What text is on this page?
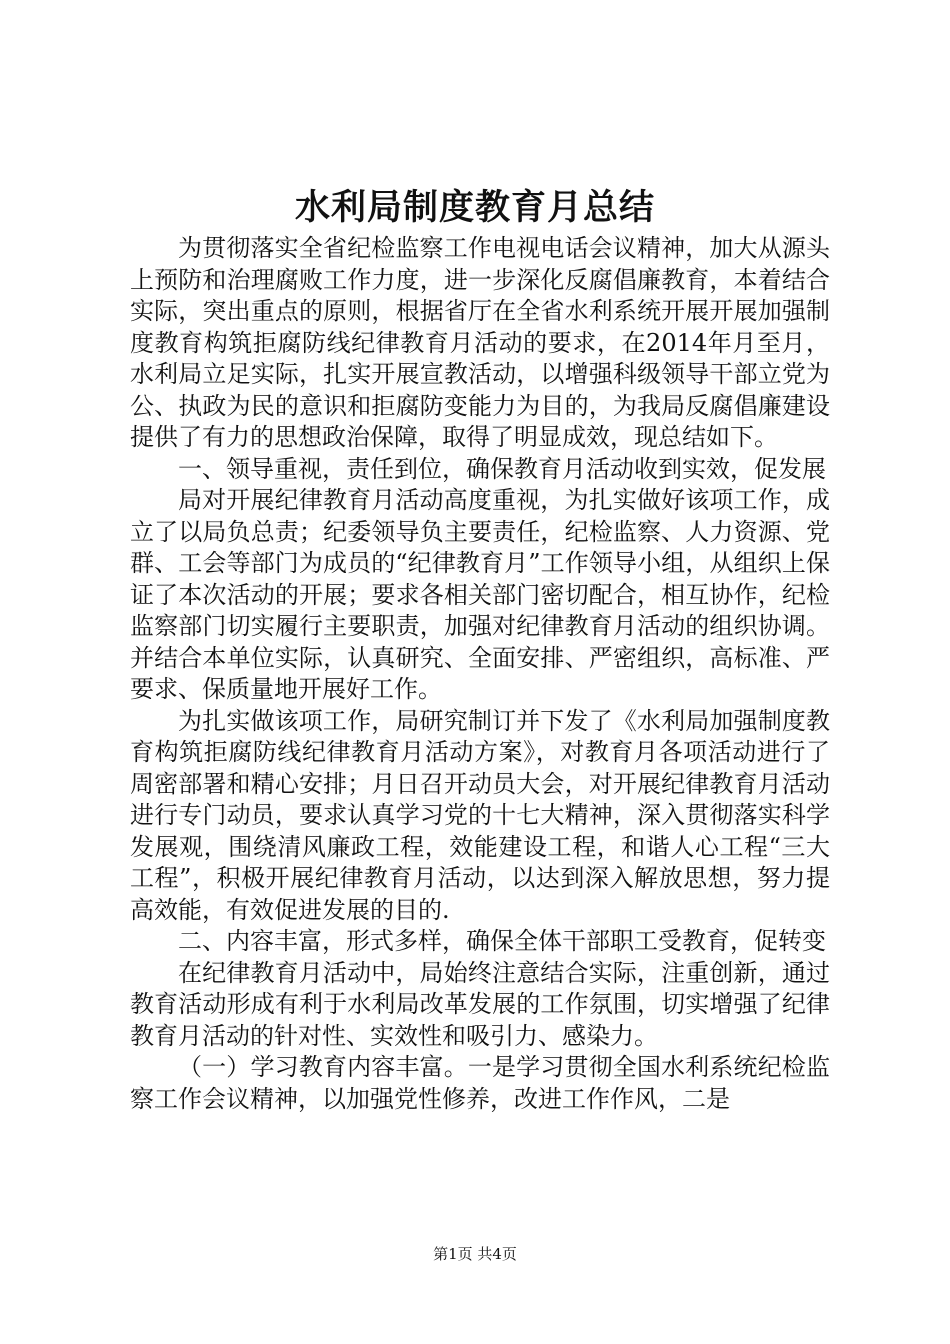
水利局制度教育月总结

为贯彻落实全省纪检监察工作电视电话会议精神，加大从源头上预防和治理腐败工作力度，进一步深化反腐倡廉教育，本着结合实际，突出重点的原则，根据省厅在全省水利系统开展开展加强制度教育构筑拒腐防线纪律教育月活动的要求，在2014年月至月，水利局立足实际，扎实开展宣教活动，以增强科级领导干部立党为公、执政为民的意识和拒腐防变能力为目的，为我局反腐倡廉建设提供了有力的思想政治保障，取得了明显成效，现总结如下。

一、领导重视，责任到位，确保教育月活动收到实效，促发展

局对开展纪律教育月活动高度重视，为扎实做好该项工作，成立了以局负总责；纪委领导负主要责任，纪检监察、人力资源、党群、工会等部门为成员的“纪律教育月”工作领导小组，从组织上保证了本次活动的开展；要求各相关部门密切配合，相互协作，纪检监察部门切实履行主要职责，加强对纪律教育月活动的组织协调。并结合本单位实际，认真研究、全面安排、严密组织，高标准、严要求、保质量地开展好工作。

为扎实做该项工作，局研究制订并下发了《水利局加强制度教育构筑拒腐防线纪律教育月活动方案》，对教育月各项活动进行了周密部署和精心安排；月日召开动员大会，对开展纪律教育月活动进行专门动员，要求认真学习党的十七大精神，深入贯彻落实科学发展观，围绕清风廉政工程，效能建设工程，和谐人心工程“三大工程”，积极开展纪律教育月活动，以达到深入解放思想，努力提高效能，有效促进发展的目的.

二、内容丰富，形式多样，确保全体干部职工受教育，促转变

在纪律教育月活动中，局始终注意结合实际，注重创新，通过教育活动形成有利于水利局改革发展的工作氛围，切实增强了纪律教育月活动的针对性、实效性和吸引力、感染力。

（一）学习教育内容丰富。一是学习贯彻全国水利系统纪检监察工作会议精神，以加强党性修养，改进工作作风，二是

第1页 共4页
